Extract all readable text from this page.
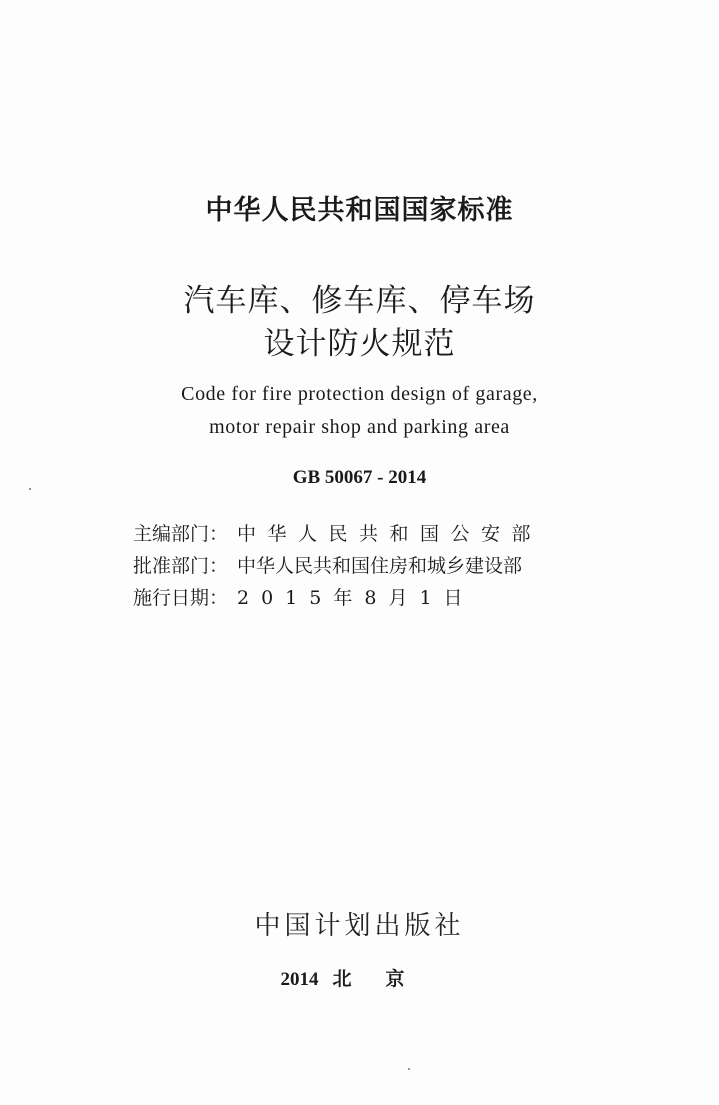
中华人民共和国国家标准
汽车库、修车库、停车场
设计防火规范
Code for fire protection design of garage,
motor repair shop and parking area
GB 50067 - 2014
主编部门： 中华人民共和国公安部
批准部门： 中华人民共和国住房和城乡建设部
施行日期： 2015年8月1日
中国计划出版社
2014 北京
